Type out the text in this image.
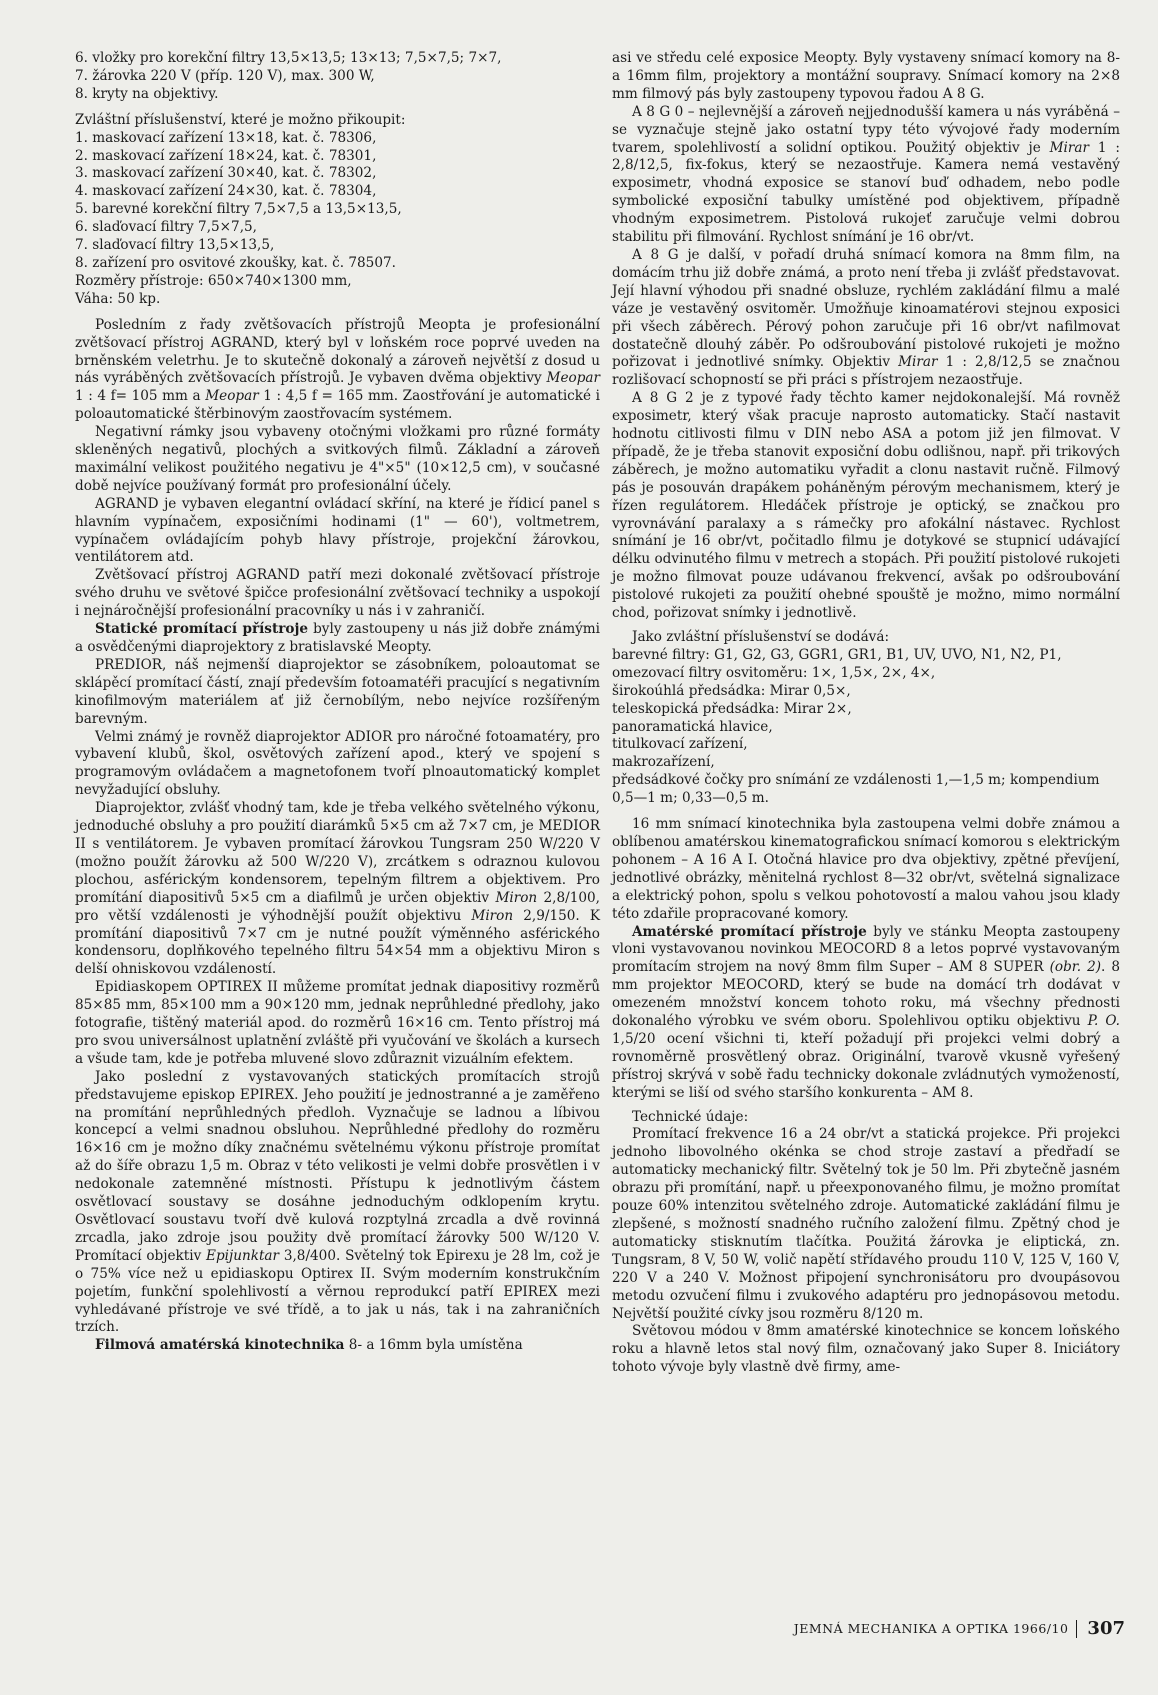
6. vložky pro korekční filtry 13,5×13,5; 13×13; 7,5×7,5; 7×7,
7. žárovka 220 V (příp. 120 V), max. 300 W,
8. kryty na objektivy.

Zvláštní příslušenství, které je možno přikoupit:

1. maskovací zařízení 13×18, kat. č. 78306,
2. maskovací zařízení 18×24, kat. č. 78301,
3. maskovací zařízení 30×40, kat. č. 78302,
4. maskovací zařízení 24×30, kat. č. 78304,
5. barevné korekční filtry 7,5×7,5 a 13,5×13,5,
6. slaďovací filtry 7,5×7,5,
7. slaďovací filtry 13,5×13,5,
8. zařízení pro osvitové zkoušky, kat. č. 78507.

Rozměry přístroje: 650×740×1300 mm,

Váha: 50 kp.

Posledním z řady zvětšovacích přístrojů Meopta je profesionální zvětšovací přístroj AGRAND, který byl v loňském roce poprvé uveden na brněnském veletrhu. Je to skutečně dokonalý a zároveň největší z dosud u nás vyráběných zvětšovacích přístrojů. Je vybaven dvěma objektivy Meopar 1 : 4 f= 105 mm a Meopar 1 : 4,5 f = 165 mm. Zaostřování je automatické i poloautomatické štěrbinovým zaostřovacím systémem.

Negativní rámky jsou vybaveny otočnými vložkami pro různé formáty skleněných negativů, plochých a svitkových filmů. Základní a zároveň maximální velikost použitého negativu je 4"×5" (10×12,5 cm), v současné době nejvíce používaný formát pro profesionální účely.

AGRAND je vybaven elegantní ovládací skříní, na které je řídicí panel s hlavním vypínačem, exposičními hodinami (1" — 60'), voltmetrem, vypínačem ovládajícím pohyb hlavy přístroje, projekční žárovkou, ventilátorem atd.

Zvětšovací přístroj AGRAND patří mezi dokonalé zvětšovací přístroje svého druhu ve světové špičce profesionální zvětšovací techniky a uspokojí i nejnáročnější profesionální pracovníky u nás i v zahraničí.

Statické promítací přístroje byly zastoupeny u nás již dobře známými a osvědčenými diaprojektory z bratislavské Meopty.

PREDIOR, náš nejmenší diaprojektor se zásobníkem, poloautomat se sklápěcí promítací částí, znají především fotoamatéři pracující s negativním kinofilmovým materiálem ať již černobílým, nebo nejvíce rozšířeným barevným.

Velmi známý je rovněž diaprojektor ADIOR pro náročné fotoamatéry, pro vybavení klubů, škol, osvětových zařízení apod., který ve spojení s programovým ovládačem a magnetofonem tvoří plnoautomatický komplet nevyžadující obsluhy.

Diaprojektor, zvlášť vhodný tam, kde je třeba velkého světelného výkonu, jednoduché obsluhy a pro použití diarámků 5×5 cm až 7×7 cm, je MEDIOR II s ventilátorem. Je vybaven promítací žárovkou Tungsram 250 W/220 V (možno použít žárovku až 500 W/220 V), zrcátkem s odraznou kulovou plochou, asférickým kondensorem, tepelným filtrem a objektivem. Pro promítání diapositivů 5×5 cm a diafilmů je určen objektiv Miron 2,8/100, pro větší vzdálenosti je výhodnější použít objektivu Miron 2,9/150. K promítání diapositivů 7×7 cm je nutné použít výměnného asférického kondensoru, doplňkového tepelného filtru 54×54 mm a objektivu Miron s delší ohniskovou vzdáleností.

Epidiaskopem OPTIREX II můžeme promítat jednak diapositivy rozměrů 85×85 mm, 85×100 mm a 90×120 mm, jednak neprůhledné předlohy, jako fotografie, tištěný materiál apod. do rozměrů 16×16 cm. Tento přístroj má pro svou universálnost uplatnění zvláště při vyučování ve školách a kursech a všude tam, kde je potřeba mluvené slovo zdůraznit vizuálním efektem.

Jako poslední z vystavovaných statických promítacích strojů představujeme episkop EPIREX. Jeho použití je jednostranné a je zaměřeno na promítání neprůhledných předloh. Vyznačuje se ladnou a líbivou koncepcí a velmi snadnou obsluhou. Neprůhledné předlohy do rozměru 16×16 cm je možno díky značnému světelnému výkonu přístroje promítat až do šíře obrazu 1,5 m. Obraz v této velikosti je velmi dobře prosvětlen i v nedokonale zatemněné místnosti. Přístupu k jednotlivým částem osvětlovací soustavy se dosáhne jednoduchým odklopením krytu. Osvětlovací soustavu tvoří dvě kulová rozptylná zrcadla a dvě rovinná zrcadla, jako zdroje jsou použity dvě promítací žárovky 500 W/120 V. Promítací objektiv Epijunktar 3,8/400. Světelný tok Epirexu je 28 lm, což je o 75% více než u epidiaskopu Optirex II. Svým moderním konstrukčním pojetím, funkční spolehlivostí a věrnou reprodukcí patří EPIREX mezi vyhledávané přístroje ve své třídě, a to jak u nás, tak i na zahraničních trzích.

Filmová amatérská kinotechnika 8- a 16mm byla umístěna

asi ve středu celé exposice Meopty. Byly vystaveny snímací komory na 8- a 16mm film, projektory a montážní soupravy. Snímací komory na 2×8 mm filmový pás byly zastoupeny typovou řadou A 8 G.

A 8 G 0 – nejlevnější a zároveň nejjednodušší kamera u nás vyráběná – se vyznačuje stejně jako ostatní typy této vývojové řady moderním tvarem, spolehlivostí a solidní optikou. Použitý objektiv je Mirar 1 : 2,8/12,5, fix-fokus, který se nezaostřuje. Kamera nemá vestavěný exposimetr, vhodná exposice se stanoví buď odhadem, nebo podle symbolické exposiční tabulky umístěné pod objektivem, případně vhodným exposimetrem. Pistolová rukojeť zaručuje velmi dobrou stabilitu při filmování. Rychlost snímání je 16 obr/vt.

A 8 G je další, v pořadí druhá snímací komora na 8mm film, na domácím trhu již dobře známá, a proto není třeba ji zvlášť představovat. Její hlavní výhodou při snadné obsluze, rychlém zakládání filmu a malé váze je vestavěný osvitoměr. Umožňuje kinoamatérovi stejnou exposici při všech záběrech. Pérový pohon zaručuje při 16 obr/vt nafilmovat dostatečně dlouhý záběr. Po odšroubování pistolové rukojeti je možno pořizovat i jednotlivé snímky. Objektiv Mirar 1 : 2,8/12,5 se značnou rozlišovací schopností se při práci s přístrojem nezaostřuje.

A 8 G 2 je z typové řady těchto kamer nejdokonalejší. Má rovněž exposimetr, který však pracuje naprosto automaticky. Stačí nastavit hodnotu citlivosti filmu v DIN nebo ASA a potom již jen filmovat. V případě, že je třeba stanovit exposiční dobu odlišnou, např. při trikových záběrech, je možno automatiku vyřadit a clonu nastavit ručně. Filmový pás je posouván drapákem poháněným pérovým mechanismem, který je řízen regulátorem. Hledáček přístroje je optický, se značkou pro vyrovnávání paralaxy a s rámečky pro afokální nástavec. Rychlost snímání je 16 obr/vt, počitadlo filmu je dotykové se stupnicí udávající délku odvinutého filmu v metrech a stopách. Při použití pistolové rukojeti je možno filmovat pouze udávanou frekvencí, avšak po odšroubování pistolové rukojeti za použití ohebné spouště je možno, mimo normální chod, pořizovat snímky i jednotlivě.

Jako zvláštní příslušenství se dodává:

barevné filtry: G1, G2, G3, GGR1, GR1, B1, UV, UVO, N1, N2, P1,
omezovací filtry osvitoměru: 1×, 1,5×, 2×, 4×,
širokoúhlá předsádka: Mirar 0,5×,
teleskopická předsádka: Mirar 2×,
panoramatická hlavice,
titulkovací zařízení,
makrozařízení,
předsádkové čočky pro snímání ze vzdálenosti 1,—1,5 m; kompendium 0,5—1 m; 0,33—0,5 m.

16 mm snímací kinotechnika byla zastoupena velmi dobře známou a oblíbenou amatérskou kinematografickou snímací komorou s elektrickým pohonem – A 16 A I. Otočná hlavice pro dva objektivy, zpětné převíjení, jednotlivé obrázky, měnitelná rychlost 8—32 obr/vt, světelná signalizace a elektrický pohon, spolu s velkou pohotovostí a malou vahou jsou klady této zdařile propracované komory.

Amatérské promítací přístroje byly ve stánku Meopta zastoupeny vloni vystavovanou novinkou MEOCORD 8 a letos poprvé vystavovaným promítacím strojem na nový 8mm film Super – AM 8 SUPER (obr. 2). 8 mm projektor MEOCORD, který se bude na domácí trh dodávat v omezeném množství koncem tohoto roku, má všechny přednosti dokonalého výrobku ve svém oboru. Spolehlivou optiku objektivu P. O. 1,5/20 ocení všichni ti, kteří požadují při projekci velmi dobrý a rovnoměrně prosvětlený obraz. Originální, tvarově vkusně vyřešený přístroj skrývá v sobě řadu technicky dokonale zvládnutých vymožeností, kterými se liší od svého staršího konkurenta – AM 8.

Technické údaje:

Promítací frekvence 16 a 24 obr/vt a statická projekce. Při projekci jednoho libovolného okénka se chod stroje zastaví a předřadí se automaticky mechanický filtr. Světelný tok je 50 lm. Při zbytečně jasném obrazu při promítání, např. u přeexponovaného filmu, je možno promítat pouze 60% intenzitou světelného zdroje. Automatické zakládání filmu je zlepšené, s možností snadného ručního založení filmu. Zpětný chod je automaticky stisknutím tlačítka. Použitá žárovka je eliptická, zn. Tungsram, 8 V, 50 W, volič napětí střídavého proudu 110 V, 125 V, 160 V, 220 V a 240 V. Možnost připojení synchronisátoru pro dvoupásovou metodu ozvučení filmu i zvukového adaptéru pro jednopásovou metodu. Největší použité cívky jsou rozměru 8/120 m.

Světovou módou v 8mm amatérské kinotechnice se koncem loňského roku a hlavně letos stal nový film, označovaný jako Super 8. Iniciátory tohoto vývoje byly vlastně dvě firmy, ame-

JEMNÁ MECHANIKA A OPTIKA 1966/10 307
